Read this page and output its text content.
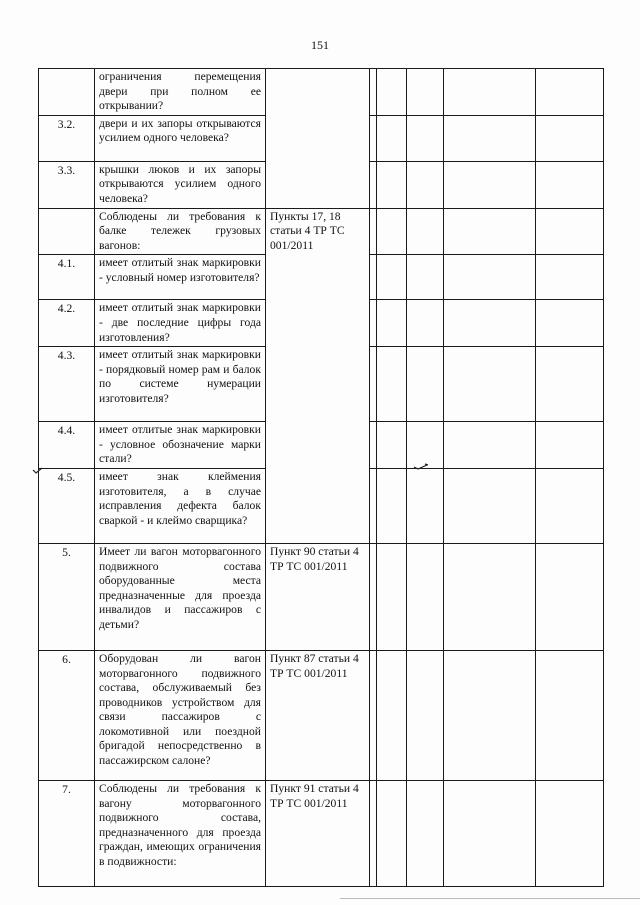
151
	ограничения перемещения двери при полном ее открывании?						
3.2.	двери и их запоры открываются усилием одного человека?						
3.3.	крышки люков и их запоры открываются усилием одного человека?						
	Соблюдены ли требования к балке тележек грузовых вагонов:	Пункты 17, 18 статьи 4 ТР ТС 001/2011					
4.1.	имеет отлитый знак маркировки - условный номер изготовителя?						
4.2.	имеет отлитый знак маркировки - две последние цифры года изготовления?						
4.3.	имеет отлитый знак маркировки - порядковый номер рам и балок по системе нумерации изготовителя?						
4.4.	имеет отлитые знак маркировки - условное обозначение марки стали?						
4.5.	имеет знак клеймения изготовителя, а в случае исправления дефекта балок сваркой - и клеймо сварщика?						
5.	Имеет ли вагон моторвагонного подвижного состава оборудованные места предназначенные для проезда инвалидов и пассажиров с детьми?	Пункт 90 статьи 4 ТР ТС 001/2011					
6.	Оборудован ли вагон моторвагонного подвижного состава, обслуживаемый без проводников устройством для связи пассажиров с локомотивной или поездной бригадой непосредственно в пассажирском салоне?	Пункт 87 статьи 4 ТР ТС 001/2011					
7.	Соблюдены ли требования к вагону моторвагонного подвижного состава, предназначенного для проезда граждан, имеющих ограничения в подвижности:	Пункт 91 статьи 4 ТР ТС 001/2011					
